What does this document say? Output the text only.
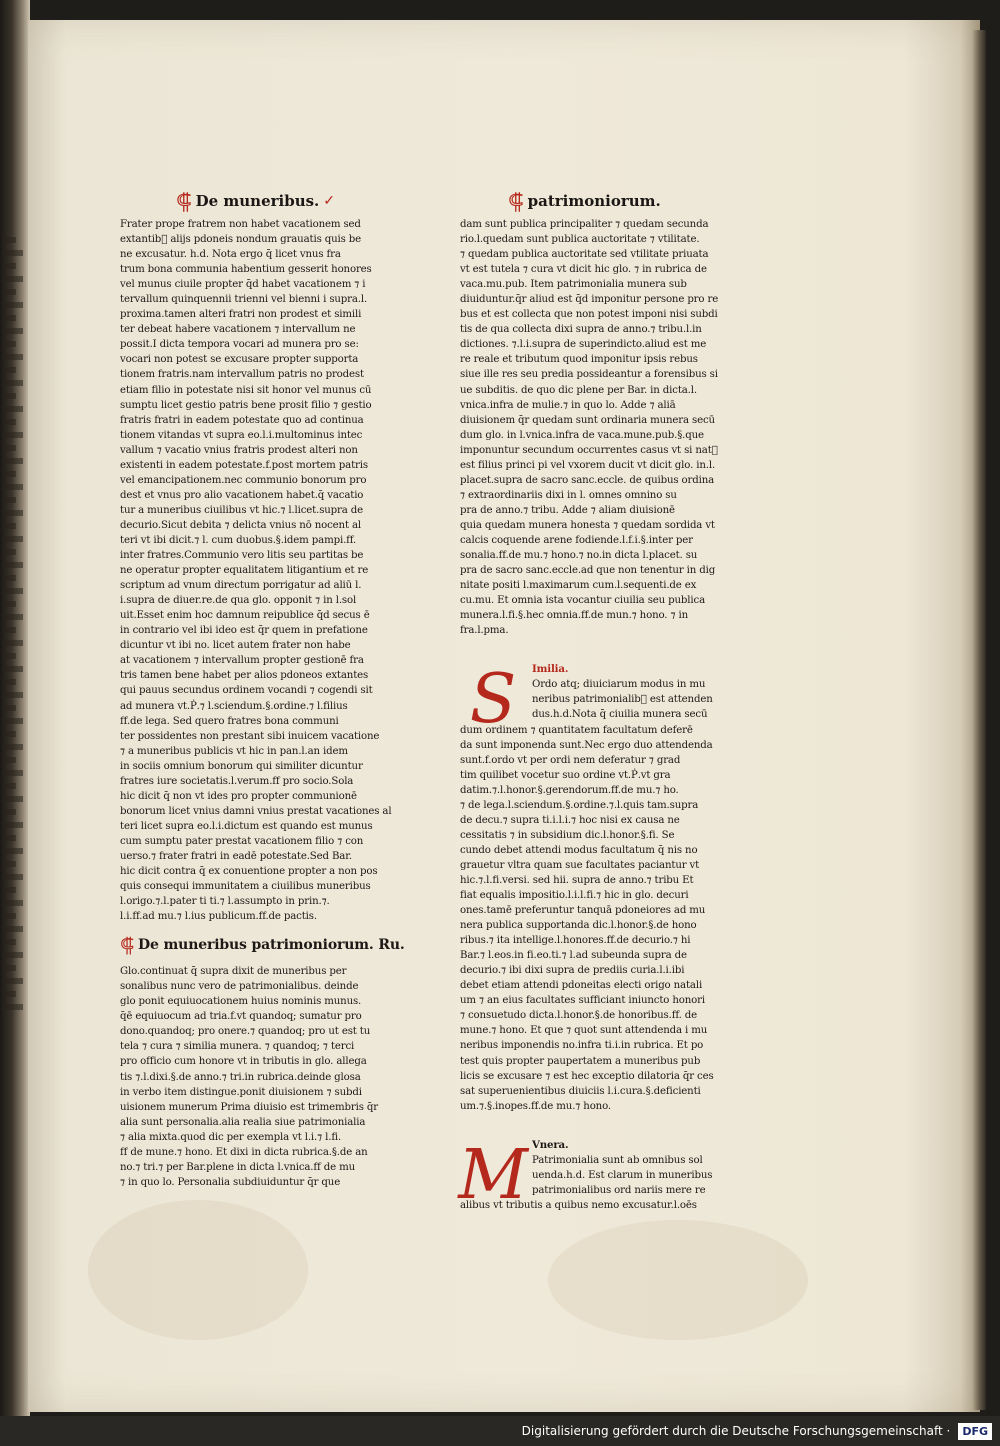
⸿ De muneribus. ✓	⸿ patrimoniorum.
Frater prope fratrem non habet vacationem sed
extantib᷒ alijs pdoneis nondum grauatis quis be
ne excusatur. h.d. Nota ergo q̄ licet vnus fra
trum bona communia habentium gesserit honores
vel munus ciuile propter q̄d habet vacationem ⁊ i
tervallum quinquennii trienni vel bienni i supra.l.
proxima.tamen alteri fratri non prodest et simili
ter debeat habere vacationem ⁊ intervallum ne
possit.I dicta tempora vocari ad munera pro se:
vocari non potest se excusare propter supporta
tionem fratris.nam intervallum patris no prodest
etiam filio in potestate nisi sit honor vel munus cū
sumptu licet gestio patris bene prosit filio ⁊ gestio
fratris fratri in eadem potestate quo ad continua
tionem vitandas vt supra eo.l.i.multominus intec
vallum ⁊ vacatio vnius fratris prodest alteri non
existenti in eadem potestate.f.post mortem patris
vel emancipationem.nec communio bonorum pro
dest et vnus pro alio vacationem habet.q̄ vacatio
tur a muneribus ciuilibus vt hic.⁊ l.licet.supra de
decurio.Sicut debita ⁊ delicta vnius nō nocent al
teri vt ibi dicit.⁊ l. cum duobus.§.idem pampi.ff.
inter fratres.Communio vero litis seu partitas be
ne operatur propter equalitatem litigantium et re
scriptum ad vnum directum porrigatur ad aliū l.
i.supra de diuer.re.de qua glo. opponit ⁊ in l.sol
uit.Esset enim hoc damnum reipublice q̄d secus ē
in contrario vel ibi ideo est q̄r quem in prefatione
dicuntur vt ibi no. licet autem frater non habe
at vacationem ⁊ intervallum propter gestionē fra
tris tamen bene habet per alios pdoneos extantes
qui pauus secundus ordinem vocandi ⁊ cogendi sit
ad munera vt.Ṗ.⁊ l.sciendum.§.ordine.⁊ l.filius
ff.de lega. Sed quero fratres bona communi
ter possidentes non prestant sibi inuicem vacatione
⁊ a muneribus publicis vt hic in pan.l.an idem
in sociis omnium bonorum qui similiter dicuntur
fratres iure societatis.l.verum.ff pro socio.Sola
hic dicit q̄ non vt ides pro propter communionē
bonorum licet vnius damni vnius prestat vacationes al
teri licet supra eo.l.i.dictum est quando est munus
cum sumptu pater prestat vacationem filio ⁊ con
uerso.⁊ frater fratri in eadē potestate.Sed Bar.
hic dicit contra q̄ ex conuentione propter a non pos
quis consequi immunitatem a ciuilibus muneribus
l.origo.⁊.l.pater ti ti.⁊ l.assumpto in prin.⁊.
l.i.ff.ad mu.⁊ l.ius publicum.ff.de pactis.
⸿ De muneribus patrimoniorum. Ru.
Glo.continuat q̄ supra dixit de muneribus per
sonalibus nunc vero de patrimonialibus. deinde
glo ponit equiuocationem huius nominis munus.
q̄ē equiuocum ad tria.f.vt quandoq; sumatur pro
dono.quandoq; pro onere.⁊ quandoq; pro ut est tu
tela ⁊ cura ⁊ similia munera. ⁊ quandoq; ⁊ terci
pro officio cum honore vt in tributis in glo. allega
tis ⁊.l.dixi.§.de anno.⁊ tri.in rubrica.deinde glosa
in verbo item distingue.ponit diuisionem ⁊ subdi
uisionem munerum Prima diuisio est trimembris q̄r
alia sunt personalia.alia realia siue patrimonialia
⁊ alia mixta.quod dic per exempla vt l.i.⁊ l.fi.
ff de mune.⁊ hono. Et dixi in dicta rubrica.§.de an
no.⁊ tri.⁊ per Bar.plene in dicta l.vnica.ff de mu
⁊ in quo lo. Personalia subdiuiduntur q̄r que
dam sunt publica principaliter ⁊ quedam secunda
rio.l.quedam sunt publica auctoritate ⁊ vtilitate.
⁊ quedam publica auctoritate sed vtilitate priuata
vt est tutela ⁊ cura vt dicit hic glo. ⁊ in rubrica de
vaca.mu.pub. Item patrimonialia munera sub
diuiduntur.q̄r aliud est q̄d imponitur persone pro re
bus et est collecta que non potest imponi nisi subdi
tis de qua collecta dixi supra de anno.⁊ tribu.l.in
dictiones. ⁊.l.i.supra de superindicto.aliud est me
re reale et tributum quod imponitur ipsis rebus
siue ille res seu predia possideantur a forensibus si
ue subditis. de quo dic plene per Bar. in dicta.l.
vnica.infra de mulie.⁊ in quo lo. Adde ⁊ aliā
diuisionem q̄r quedam sunt ordinaria munera secū
dum glo. in l.vnica.infra de vaca.mune.pub.§.que
imponuntur secundum occurrentes casus vt si nat᷒
est filius princi pi vel vxorem ducit vt dicit glo. in.l.
placet.supra de sacro sanc.eccle. de quibus ordina
⁊ extraordinariis dixi in l. omnes omnino su
pra de anno.⁊ tribu. Adde ⁊ aliam diuisionē
quia quedam munera honesta ⁊ quedam sordida vt
calcis coquende arene fodiende.l.f.i.§.inter per
sonalia.ff.de mu.⁊ hono.⁊ no.in dicta l.placet. su
pra de sacro sanc.eccle.ad que non tenentur in dig
nitate positi l.maximarum cum.l.sequenti.de ex
cu.mu. Et omnia ista vocantur ciuilia seu publica
munera.l.fi.§.hec omnia.ff.de mun.⁊ hono. ⁊ in
fra.l.pma.
S	Imilia.
Ordo atq; diuiciarum modus in mu
neribus patrimonialib᷒ est attenden
dus.h.d.Nota q̄ ciuilia munera secū
dum ordinem ⁊ quantitatem facultatum deferē
da sunt imponenda sunt.Nec ergo duo attendenda
sunt.f.ordo vt per ordi nem deferatur ⁊ grad
tim quilibet vocetur suo ordine vt.Ṗ.vt gra
datim.⁊.l.honor.§.gerendorum.ff.de mu.⁊ ho.
⁊ de lega.l.sciendum.§.ordine.⁊.l.quis tam.supra
de decu.⁊ supra ti.i.l.i.⁊ hoc nisi ex causa ne
cessitatis ⁊ in subsidium dic.l.honor.§.fi. Se
cundo debet attendi modus facultatum q̄ nis no
grauetur vltra quam sue facultates paciantur vt
hic.⁊.l.fi.versi. sed hii. supra de anno.⁊ tribu Et
fiat equalis impositio.l.i.l.fi.⁊ hic in glo. decuri
ones.tamē preferuntur tanquā pdoneiores ad mu
nera publica supportanda dic.l.honor.§.de hono
ribus.⁊ ita intellige.l.honores.ff.de decurio.⁊ hi
Bar.⁊ l.eos.in fi.eo.ti.⁊ l.ad subeunda supra de
decurio.⁊ ibi dixi supra de prediis curia.l.i.ibi
debet etiam attendi pdoneitas electi origo natali
um ⁊ an eius facultates sufficiant iniuncto honori
⁊ consuetudo dicta.l.honor.§.de honoribus.ff. de
mune.⁊ hono. Et que ⁊ quot sunt attendenda i mu
neribus imponendis no.infra ti.i.in rubrica. Et po
test quis propter paupertatem a muneribus pub
licis se excusare ⁊ est hec exceptio dilatoria q̄r ces
sat superuenientibus diuiciis l.i.cura.§.deficienti
um.⁊.§.inopes.ff.de mu.⁊ hono.
M Vnera.
Patrimonialia sunt ab omnibus sol
uenda.h.d. Est clarum in muneribus
patrimonialibus ord nariis mere re
alibus vt tributis a quibus nemo excusatur.l.oēs
Digitalisierung gefördert durch die Deutsche Forschungsgemeinschaft ·	DFG
